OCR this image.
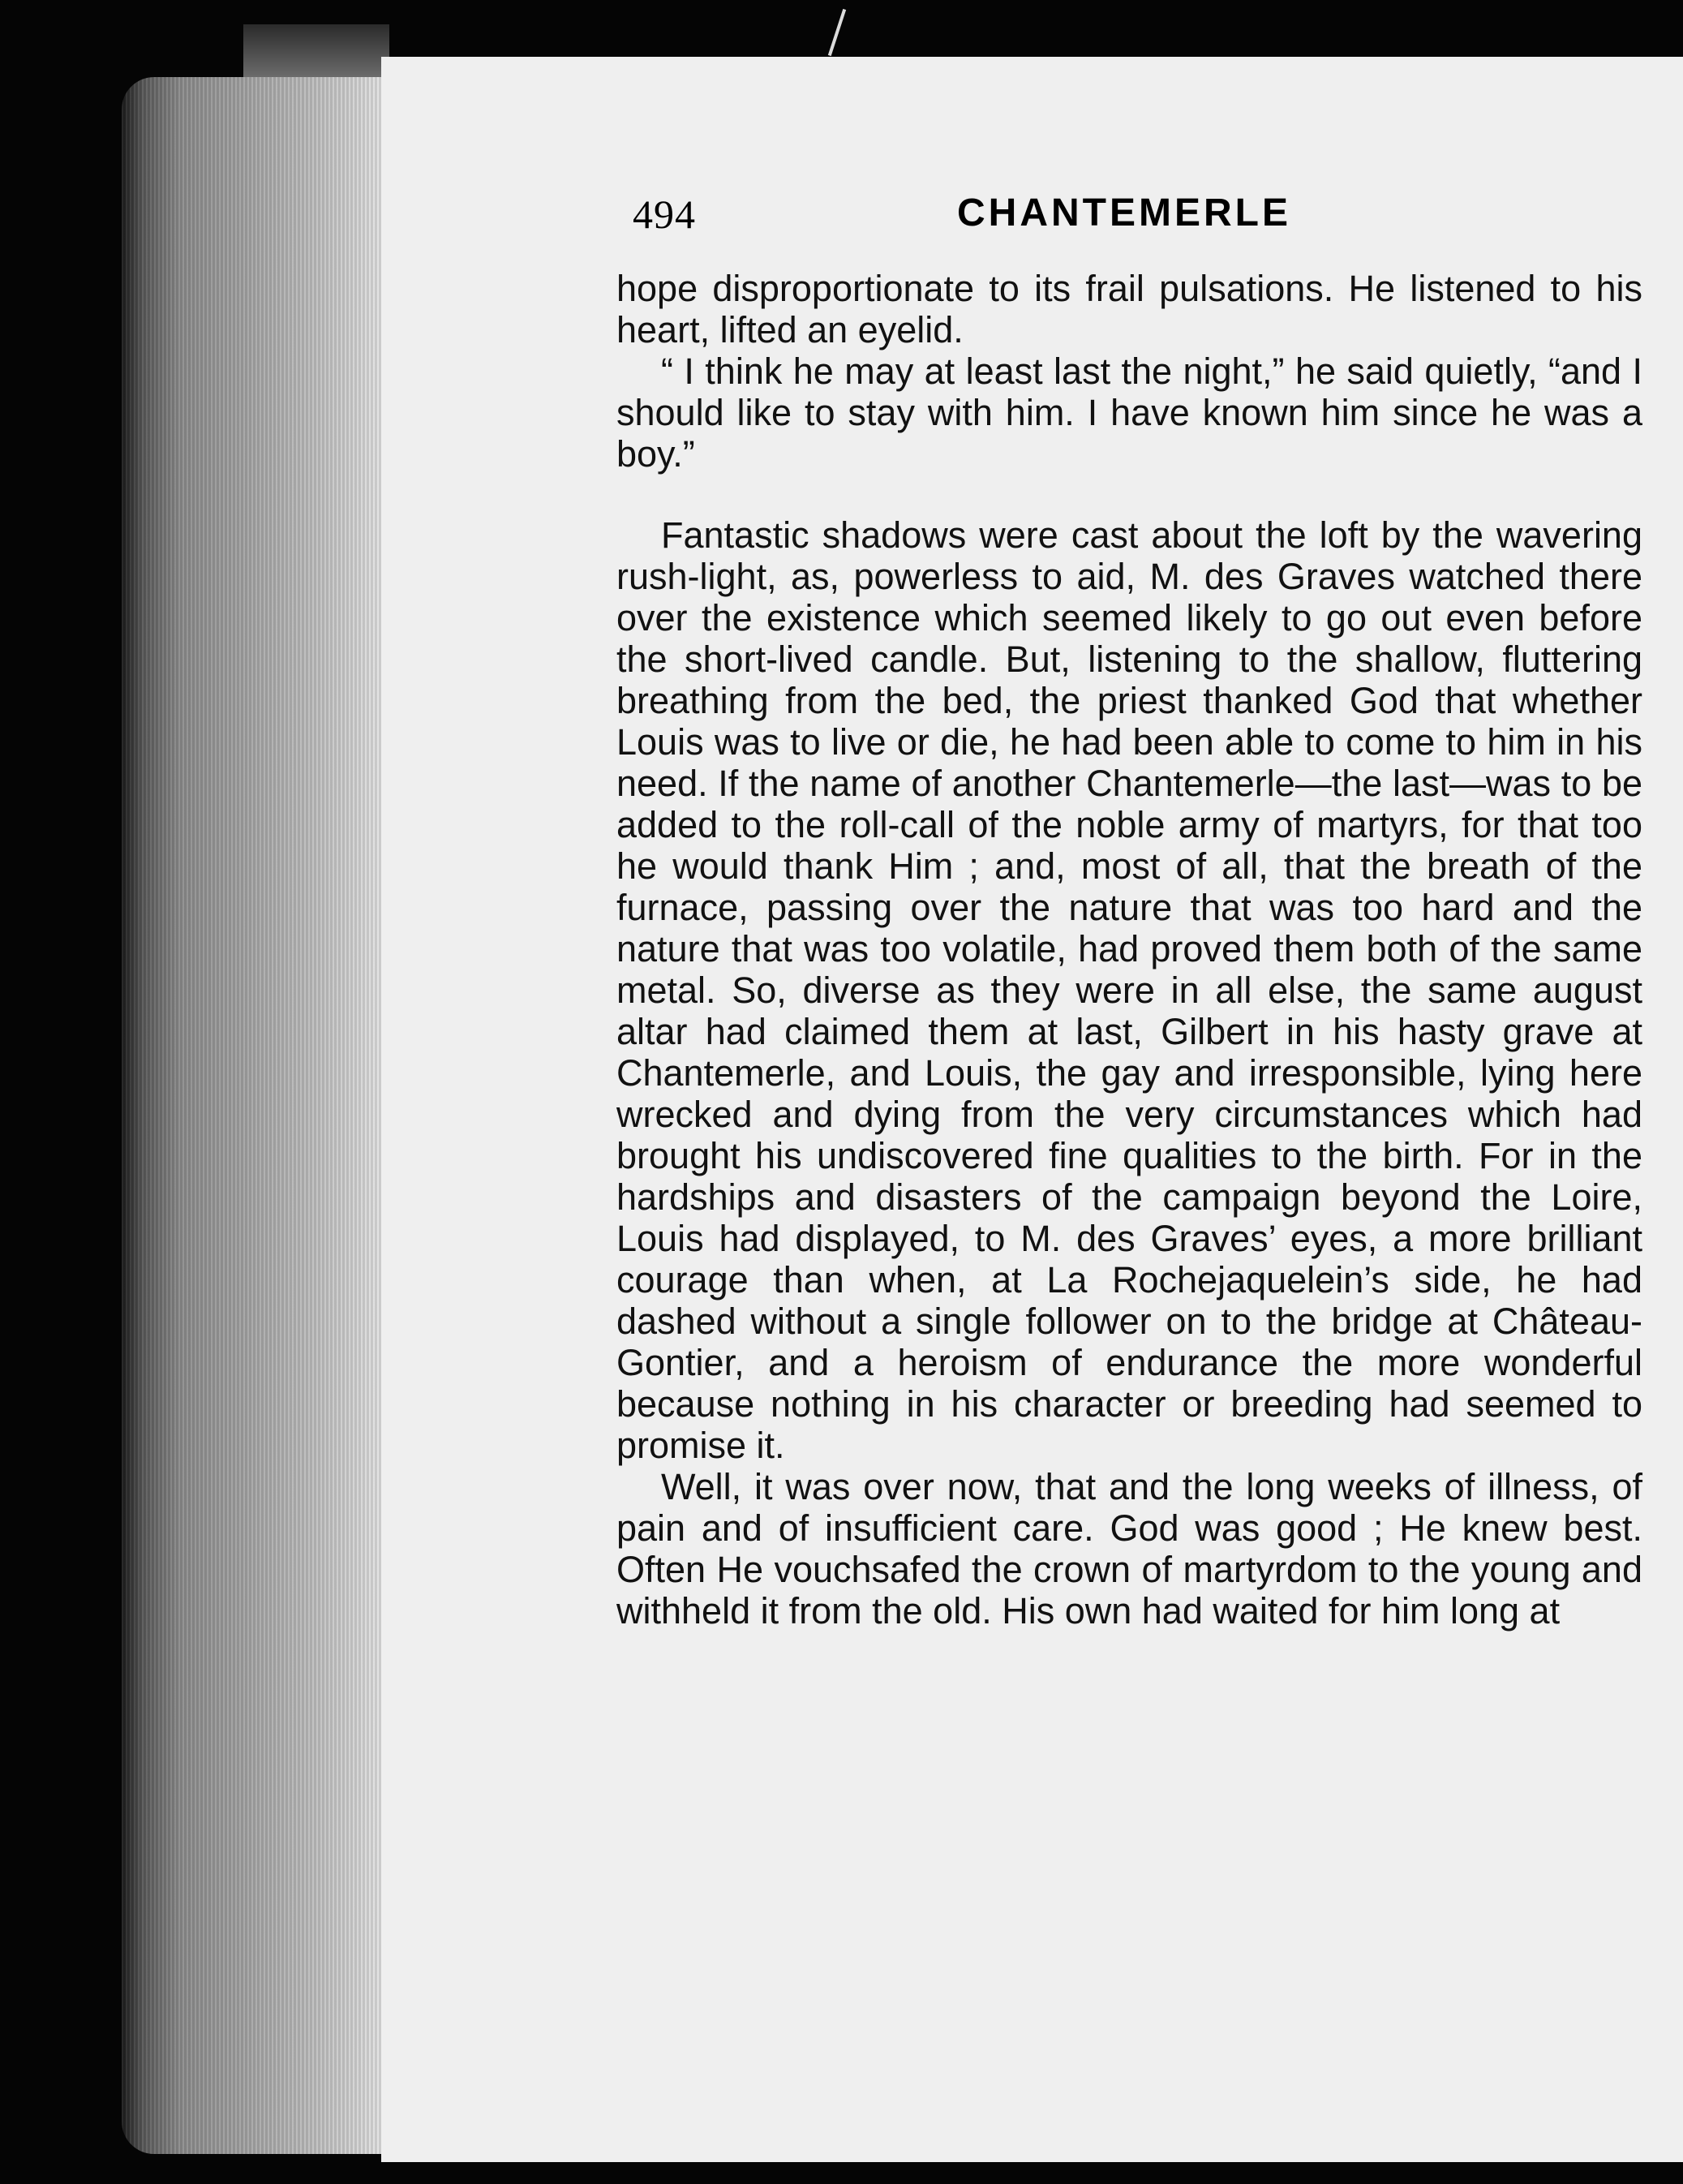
494	CHANTEMERLE

hope disproportionate to its frail pulsations. He listened to his heart, lifted an eyelid.

“ I think he may at least last the night,” he said quietly, “and I should like to stay with him. I have known him since he was a boy.”

Fantastic shadows were cast about the loft by the wavering rush-light, as, powerless to aid, M. des Graves watched there over the existence which seemed likely to go out even before the short-lived candle. But, listening to the shallow, fluttering breathing from the bed, the priest thanked God that whether Louis was to live or die, he had been able to come to him in his need. If the name of another Chantemerle—the last—was to be added to the roll-call of the noble army of martyrs, for that too he would thank Him ; and, most of all, that the breath of the furnace, passing over the nature that was too hard and the nature that was too volatile, had proved them both of the same metal. So, diverse as they were in all else, the same august altar had claimed them at last, Gilbert in his hasty grave at Chantemerle, and Louis, the gay and irresponsible, lying here wrecked and dying from the very circumstances which had brought his undiscovered fine qualities to the birth. For in the hardships and disasters of the campaign beyond the Loire, Louis had displayed, to M. des Graves’ eyes, a more brilliant courage than when, at La Rochejaquelein’s side, he had dashed without a single follower on to the bridge at Château-Gontier, and a heroism of endurance the more wonderful because nothing in his character or breeding had seemed to promise it.

Well, it was over now, that and the long weeks of illness, of pain and of insufficient care. God was good ; He knew best. Often He vouchsafed the crown of martyrdom to the young and withheld it from the old. His own had waited for him long at
